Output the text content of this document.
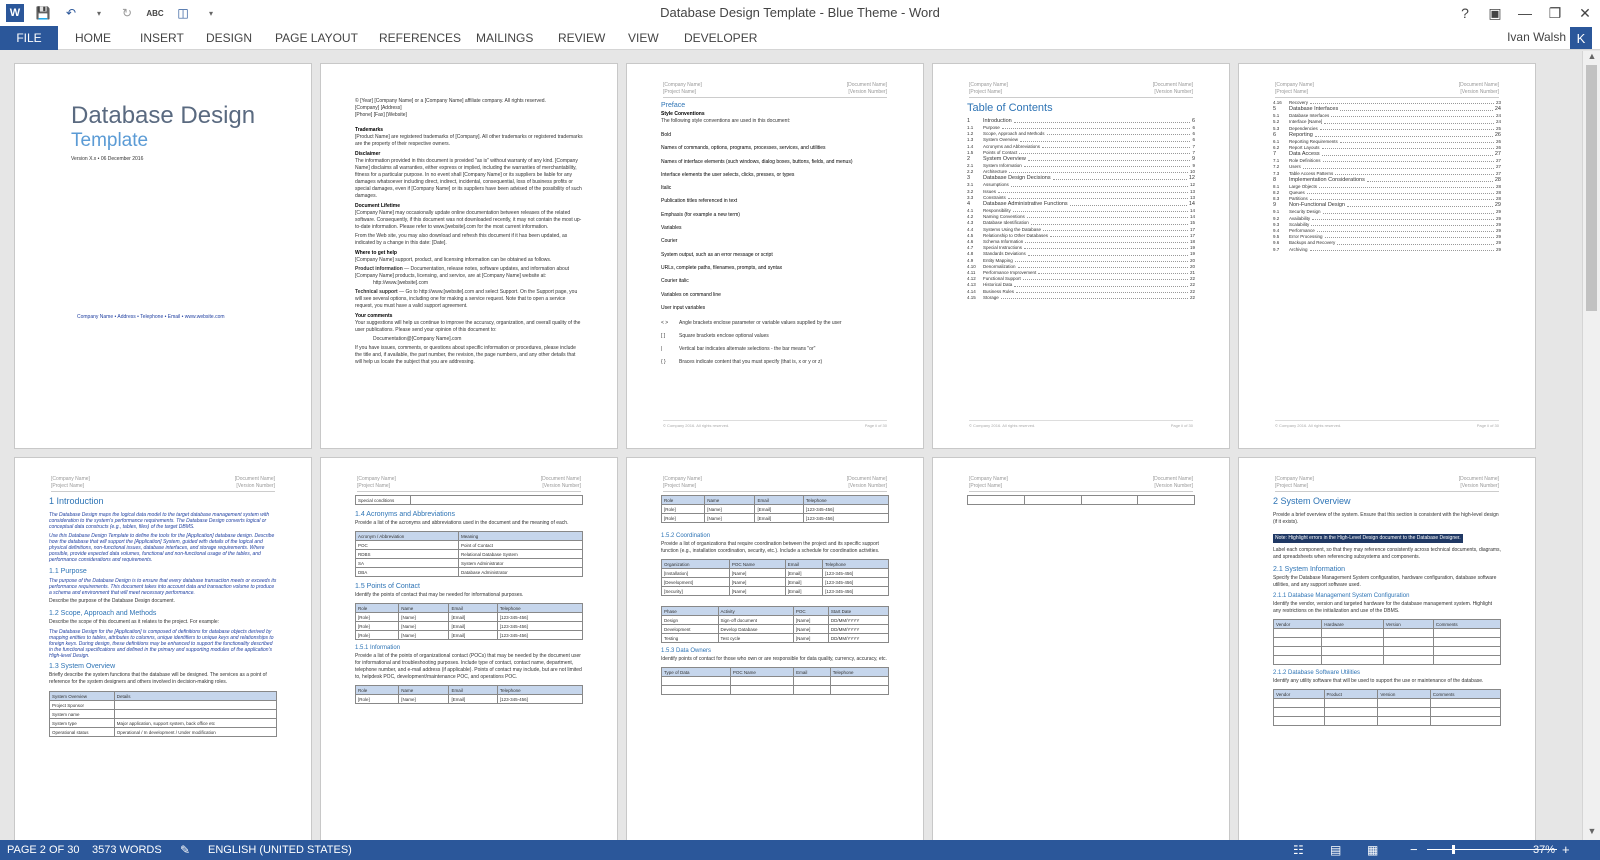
W	💾	↶	▾	↻	ABC ◫	▾	Database Design Template - Blue Theme - Word	?	▣	—	❐	✕
FILE	HOME INSERT DESIGN PAGE LAYOUT REFERENCES MAILINGS REVIEW VIEW DEVELOPER	Ivan Walsh K
Database Design
Template
Version X.x • 06 December 2016
Company Name • Address • Telephone • Email • www.website.com
© [Year] [Company Name] or a [Company Name] affiliate company. All rights reserved.
[Company] [Address]
[Phone] [Fax] [Website]
Trademarks
[Product Name] are registered trademarks of [Company]. All other trademarks or registered trademarks are the property of their respective owners.
Disclaimer
The information provided in this document is provided "as is" without warranty of any kind. [Company Name] disclaims all warranties, either express or implied, including the warranties of merchantability, fitness for a particular purpose. In no event shall [Company Name] or its suppliers be liable for any damages whatsoever including direct, indirect, incidental, consequential, loss of business profits or special damages, even if [Company Name] or its suppliers have been advised of the possibility of such damages.
Document Lifetime
[Company Name] may occasionally update online documentation between releases of the related software. Consequently, if this document was not downloaded recently, it may not contain the most up-to-date information. Please refer to www.[website].com for the most current information.
From the Web site, you may also download and refresh this document if it has been updated, as indicated by a change in this date: [Date].
Where to get help
[Company Name] support, product, and licensing information can be obtained as follows.
Product information — Documentation, release notes, software updates, and information about [Company Name] products, licensing, and service, are at [Company Name] website at:
http://www.[website].com
Technical support — Go to http://www.[website].com and select Support. On the Support page, you will see several options, including one for making a service request. Note that to open a service request, you must have a valid support agreement.
Your comments
Your suggestions will help us continue to improve the accuracy, organization, and overall quality of the user publications. Please send your opinion of this document to:
Documentation@[Company Name].com
If you have issues, comments, or questions about specific information or procedures, please include the title and, if available, the part number, the revision, the page numbers, and any other details that will help us locate the subject that you are addressing.
[Company Name]
[Project Name]
[Document Name]
[Version Number]
Preface
Style Conventions
The following style conventions are used in this document:
Bold
Names of commands, options, programs, processes, services, and utilities
Names of interface elements (such windows, dialog boxes, buttons, fields, and menus)
Interface elements the user selects, clicks, presses, or types
Italic
Publication titles referenced in text
Emphasis (for example a new term)
Variables
Courier
System output, such as an error message or script
URLs, complete paths, filenames, prompts, and syntax
Courier italic
Variables on command line
User input variables
< >	Angle brackets enclose parameter or variable values supplied by the user
[ ]	Square brackets enclose optional values
|	Vertical bar indicates alternate selections - the bar means "or"
{ }	Braces indicate content that you must specify (that is, x or y or z)
© Company 2016. All rights reserved.	Page ii of 30
[Company Name]
[Project Name]
[Document Name]
[Version Number]
Table of Contents
1	Introduction	6
1.1	Purpose	6
1.2	Scope, Approach and Methods	6
1.3	System Overview	6
1.4	Acronyms and Abbreviations	7
1.5	Points of Contact	7
2	System Overview	9
2.1	System Information	9
2.2	Architecture	10
3	Database Design Decisions	12
3.1	Assumptions	12
3.2	Issues	13
3.3	Constraints	13
4	Database Administrative Functions	14
4.1	Responsibility	14
4.2	Naming Conventions	14
4.3	Database Identification	15
4.4	Systems Using the Database	17
4.5	Relationship to Other Databases	17
4.6	Schema Information	18
4.7	Special Instructions	19
4.8	Standards Deviations	19
4.9	Entity Mapping	20
4.10	Denormalization	20
4.11	Performance Improvement	21
4.12	Functional Support	22
4.13	Historical Data	22
4.14	Business Rules	22
4.15	Storage	22
© Company 2016. All rights reserved.	Page ii of 30
[Company Name]
[Project Name]
[Document Name]
[Version Number]
4.16	Recovery	23
5	Database Interfaces	24
5.1	Database Interfaces	24
5.2	Interface [Name]	24
5.3	Dependencies	25
6	Reporting	26
6.1	Reporting Requirements	26
6.2	Report Layouts	26
7	Data Access	27
7.1	Role Definitions	27
7.2	Users	27
7.3	Table Access Patterns	27
8	Implementation Considerations	28
8.1	Large Objects	28
8.2	Queues	28
8.3	Partitions	28
9	Non-Functional Design	29
9.1	Security Design	29
9.2	Availability	29
9.3	Scalability	29
9.4	Performance	29
9.5	Error Processing	29
9.6	Backups and Recovery	29
9.7	Archiving	29
© Company 2016. All rights reserved.	Page ii of 30
[Company Name]
[Project Name]
[Document Name]
[Version Number]
1 Introduction
The Database Design maps the logical data model to the target database management system with consideration to the system's performance requirements. The Database Design converts logical or conceptual data constructs (e.g., tables, files) of the target DBMS.
Use this Database Design Template to define the tools for the [Application] database design. Describe how the database that will support the [Application] System, guided with details of the logical and physical definitions, non-functional issues, database interfaces, and storage requirements. Where possible, provide expected data volumes, functional and non-functional usage of the tables, and performance considerations and requirements.
1.1 Purpose
The purpose of the Database Design is to ensure that every database transaction meets or exceeds its performance requirements. This document takes into account data and transaction volume to produce a schema and environment that will meet necessary performance.
Describe the purpose of the Database Design document.
1.2 Scope, Approach and Methods
Describe the scope of this document as it relates to the project. For example:
The Database Design for the [Application] is composed of definitions for database objects derived by mapping entities to tables, attributes to columns, unique identifiers to unique keys and relationships to foreign keys. During design, these definitions may be enhanced to support the functionality described in the functional specifications and defined in the primary and supporting modules of the application's High-level Design.
1.3 System Overview
Briefly describe the system functions that the database will be designed. The services as a point of reference for the system designers and others involved in decision-making roles.
System Overview	Details
Project Sponsor	
System name	
System type	Major application, support system, back office etc
Operational status	Operational / In development / Under modification
[Company Name]
[Project Name]
[Document Name]
[Version Number]
Special conditions	
1.4 Acronyms and Abbreviations
Provide a list of the acronyms and abbreviations used in the document and the meaning of each.
Acronym / Abbreviation	Meaning
POC	Point of Contact
RDBS	Relational Database System
SA	System Administrator
DBA	Database Administrator
1.5 Points of Contact
Identify the points of contact that may be needed for informational purposes.
Role	Name	Email	Telephone
[Role]	[Name]	[Email]	[123-345-456]
[Role]	[Name]	[Email]	[123-345-456]
[Role]	[Name]	[Email]	[123-345-456]
1.5.1 Information
Provide a list of the points of organizational contact (POCs) that may be needed by the document user for informational and troubleshooting purposes. Include type of contact, contact name, department, telephone number, and e-mail address (if applicable). Points of contact may include, but are not limited to, helpdesk POC, development/maintenance POC, and operations POC.
Role	Name	Email	Telephone
[Role]	[Name]	[Email]	[123-345-456]
[Company Name]
[Project Name]
[Document Name]
[Version Number]
Role	Name	Email	Telephone
[Role]	[Name]	[Email]	[123-345-456]
[Role]	[Name]	[Email]	[123-345-456]
1.5.2 Coordination
Provide a list of organizations that require coordination between the project and its specific support function (e.g., installation coordination, security, etc.). Include a schedule for coordination activities.
Organization	POC Name	Email	Telephone
[Installation]	[Name]	[Email]	[123-345-456]
[Development]	[Name]	[Email]	[123-345-456]
[Security]	[Name]	[Email]	[123-345-456]
Phase	Activity	POC	Start Date
Design	Sign-off document	[Name]	DD/MM/YYYY
Development	Develop Database	[Name]	DD/MM/YYYY
Testing	Test cycle	[Name]	DD/MM/YYYY
1.5.3 Data Owners
Identify points of contact for those who own or are responsible for data quality, currency, accuracy, etc.
Type of Data	POC Name	Email	Telephone

[Company Name]
[Project Name]
[Document Name]
[Version Number]

[Company Name]
[Project Name]
[Document Name]
[Version Number]
2 System Overview
Provide a brief overview of the system. Ensure that this section is consistent with the high-level design (if it exists).
Note: Highlight errors in the High-Level Design document to the Database Designer.
Label each component, so that they may reference consistently across technical documents, diagrams, and spreadsheets when referencing subsystems and components.
2.1 System Information
Specify the Database Management System configuration, hardware configuration, database software utilities, and any support software used.
2.1.1 Database Management System Configuration
Identify the vendor, version and targeted hardware for the database management system. Highlight any restrictions on the initialization and use of the DBMS.
Vendor	Hardware	Version	Comments

2.1.2 Database Software Utilities
Identify any utility software that will be used to support the use or maintenance of the database.
Vendor	Product	Version	Comments

▲
▼
PAGE 2 OF 30 3573 WORDS ✎ ENGLISH (UNITED STATES)	☷ ▤ ▦ −	+
37%
